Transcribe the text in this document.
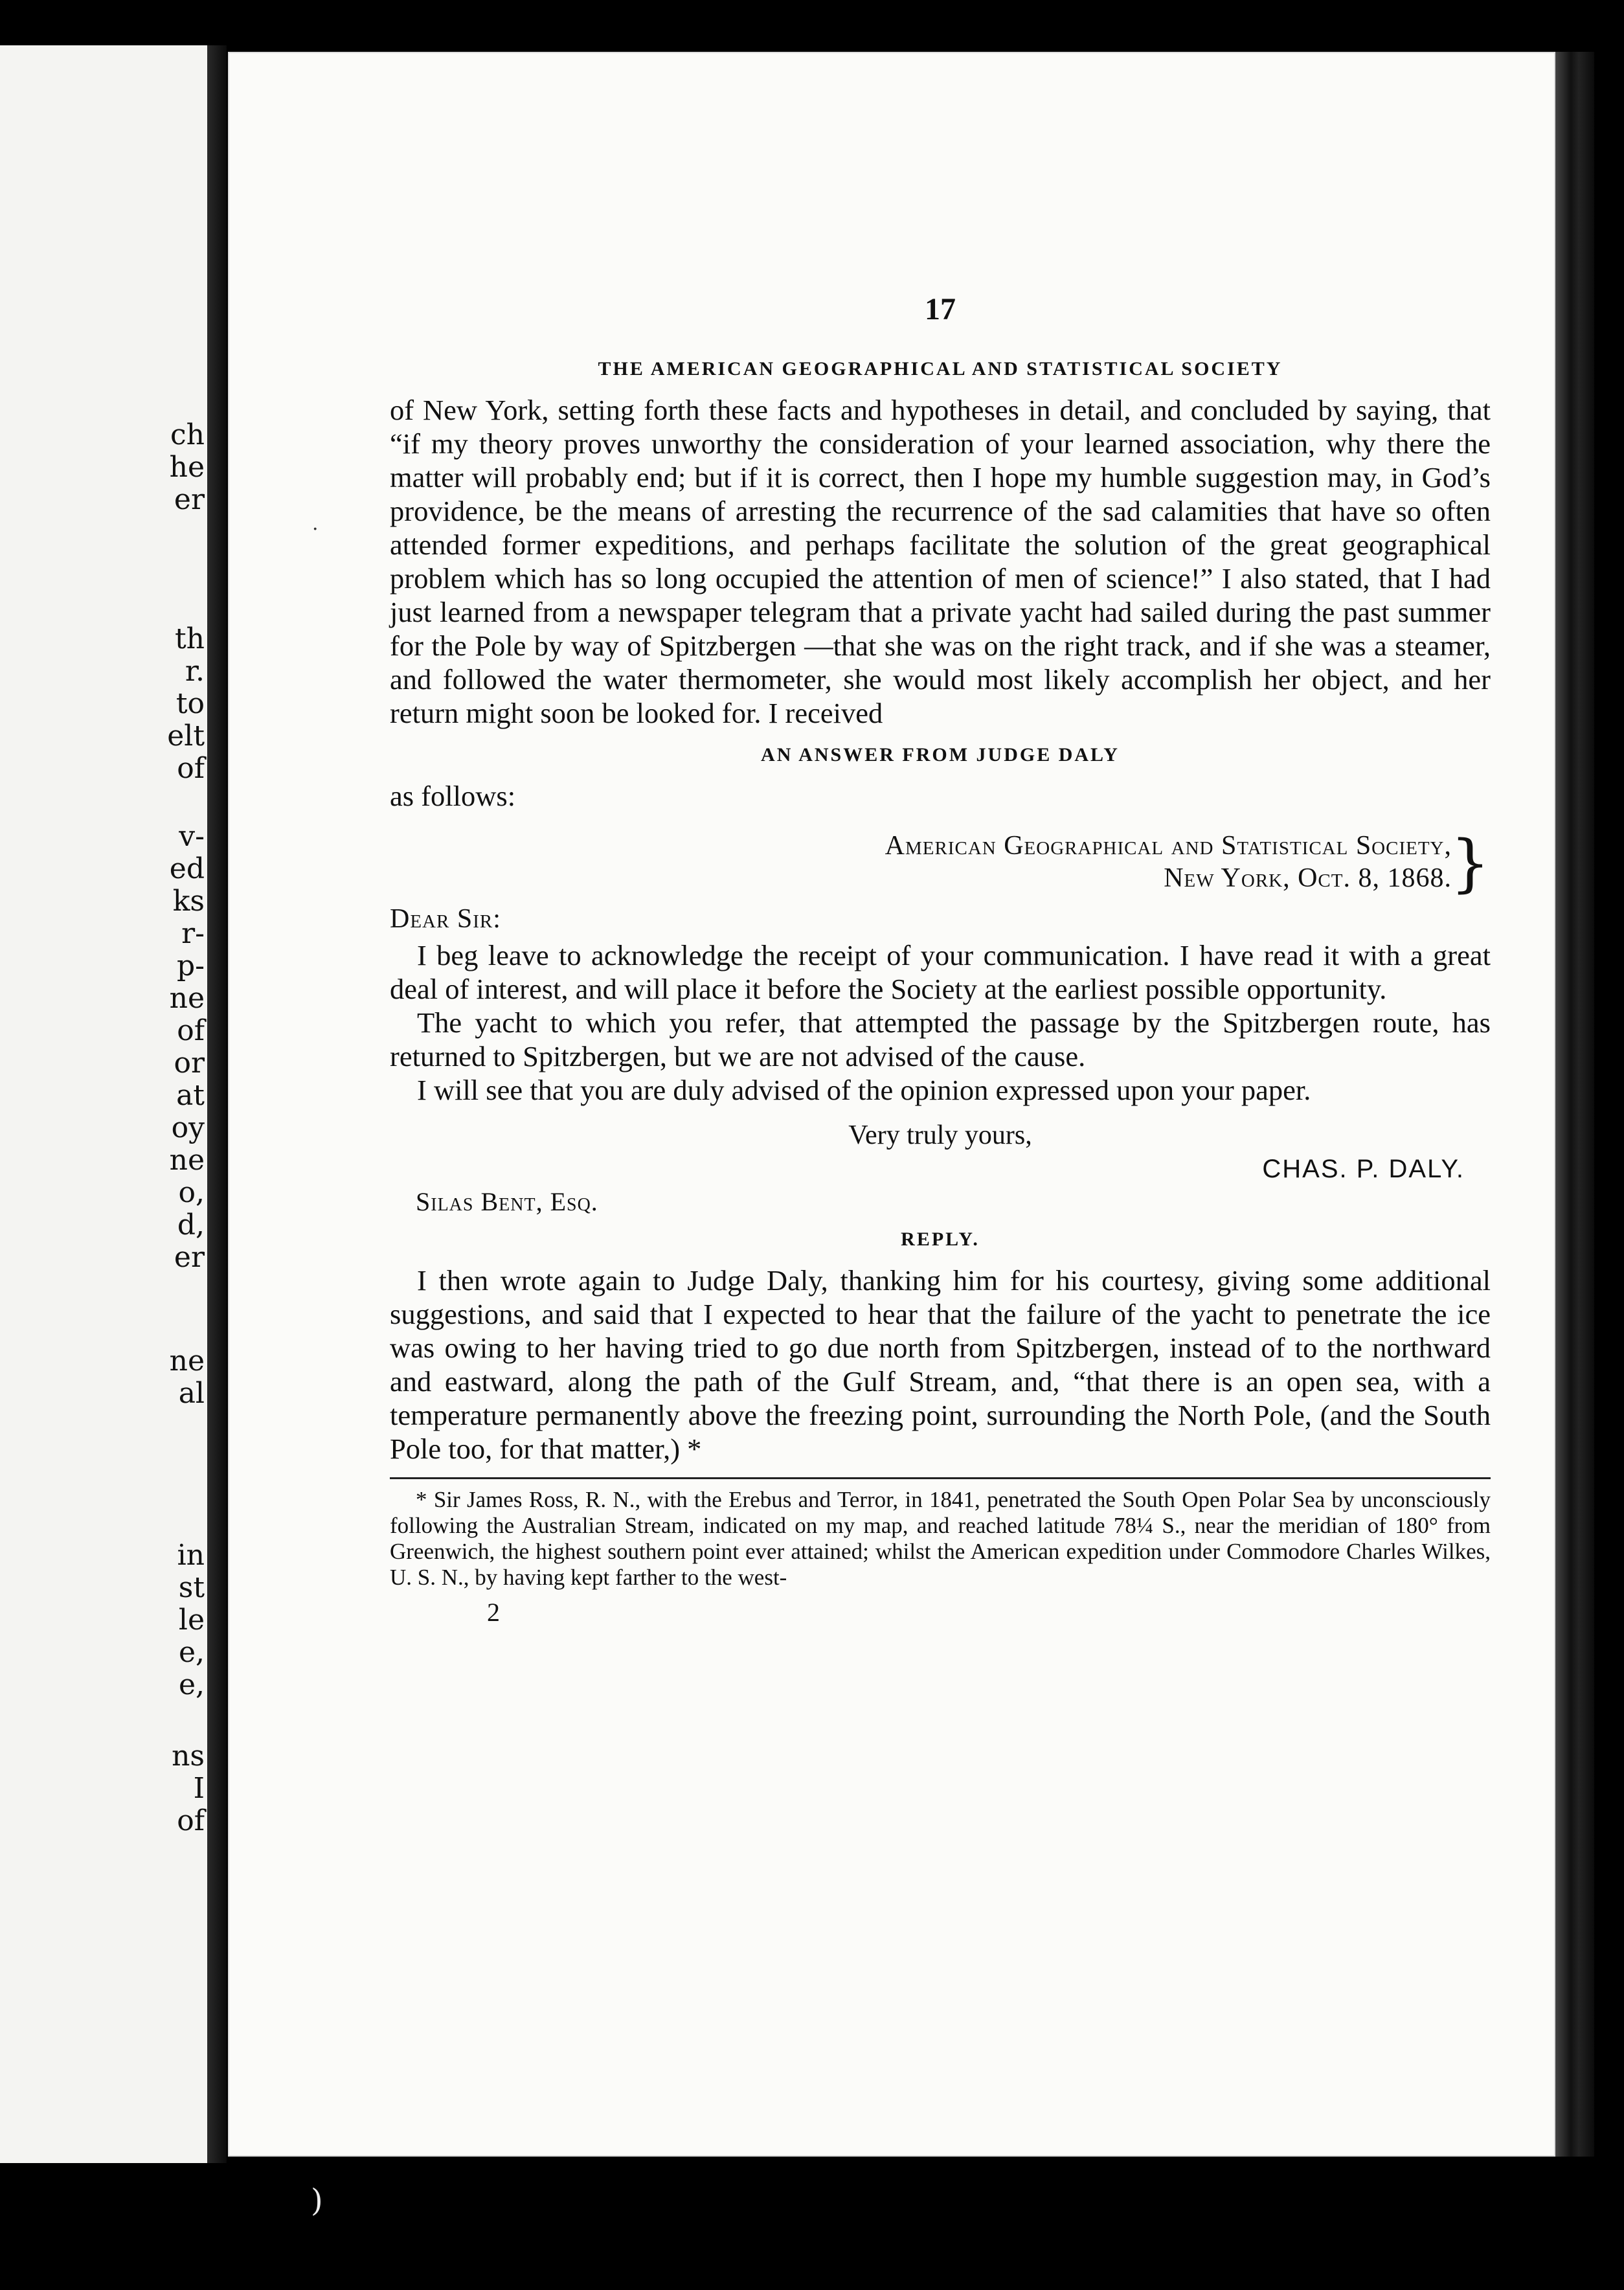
ch
he
er
th
r.
to
elt
of
v-
ed
ks
r-
p-
ne
of
or
at
oy
ne
o,
d,
er
ne
al
in
st
le
e,
e,
ns
I
of
17
THE AMERICAN GEOGRAPHICAL AND STATISTICAL SOCIETY

of New York, setting forth these facts and hypotheses in detail, and concluded by saying, that “if my theory proves unworthy the consideration of your learned association, why there the matter will probably end; but if it is correct, then I hope my humble suggestion may, in God’s providence, be the means of arresting the recurrence of the sad calamities that have so often attended former expeditions, and perhaps facilitate the solution of the great geographical problem which has so long occupied the attention of men of science!” I also stated, that I had just learned from a newspaper telegram that a private yacht had sailed during the past summer for the Pole by way of Spitzbergen —that she was on the right track, and if she was a steamer, and followed the water thermometer, she would most likely accomplish her object, and her return might soon be looked for. I received

AN ANSWER FROM JUDGE DALY

as follows:

American Geographical and Statistical Society,
New York, Oct. 8, 1868.
}
Dear Sir:

I beg leave to acknowledge the receipt of your communication. I have read it with a great deal of interest, and will place it before the Society at the earliest possible opportunity.

The yacht to which you refer, that attempted the passage by the Spitzbergen route, has returned to Spitzbergen, but we are not advised of the cause.

I will see that you are duly advised of the opinion expressed upon your paper.

Very truly yours,
CHAS. P. DALY.
Silas Bent, Esq.
REPLY.

I then wrote again to Judge Daly, thanking him for his courtesy, giving some additional suggestions, and said that I expected to hear that the failure of the yacht to penetrate the ice was owing to her having tried to go due north from Spitzbergen, instead of to the northward and eastward, along the path of the Gulf Stream, and, “that there is an open sea, with a temperature permanently above the freezing point, surrounding the North Pole, (and the South Pole too, for that matter,) *

* Sir James Ross, R. N., with the Erebus and Terror, in 1841, penetrated the South Open Polar Sea by unconsciously following the Australian Stream, indicated on my map, and reached latitude 78¼ S., near the meridian of 180° from Greenwich, the highest southern point ever attained; whilst the American expedition under Commodore Charles Wilkes, U. S. N., by having kept farther to the west-

2
·
)
